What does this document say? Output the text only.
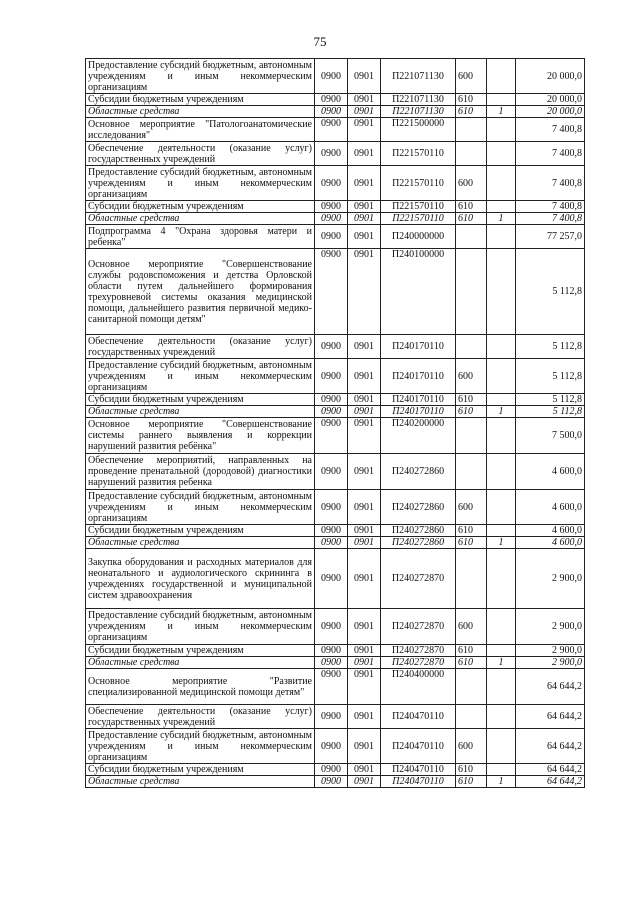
75
Предоставление субсидий бюджетным, автономным учреждениям и иным некоммерческим организациям	0900	0901	П221071130	600		20 000,0
Субсидии бюджетным учреждениям	0900	0901	П221071130	610		20 000,0
Областные средства	0900	0901	П221071130	610	1	20 000,0
Основное мероприятие "Патологоанатомические исследования"	0900	0901	П221500000			7 400,8
Обеспечение деятельности (оказание услуг) государственных учреждений	0900	0901	П221570110			7 400,8
Предоставление субсидий бюджетным, автономным учреждениям и иным некоммерческим организациям	0900	0901	П221570110	600		7 400,8
Субсидии бюджетным учреждениям	0900	0901	П221570110	610		7 400,8
Областные средства	0900	0901	П221570110	610	1	7 400,8
Подпрограмма 4 "Охрана здоровья матери и ребенка"	0900	0901	П240000000			77 257,0
Основное мероприятие "Совершенствование службы родовспоможения и детства Орловской области путем дальнейшего формирования трехуровневой системы оказания медицинской помощи, дальнейшего развития первичной медико-санитарной помощи детям"	0900	0901	П240100000			5 112,8
Обеспечение деятельности (оказание услуг) государственных учреждений	0900	0901	П240170110			5 112,8
Предоставление субсидий бюджетным, автономным учреждениям и иным некоммерческим организациям	0900	0901	П240170110	600		5 112,8
Субсидии бюджетным учреждениям	0900	0901	П240170110	610		5 112,8
Областные средства	0900	0901	П240170110	610	1	5 112,8
Основное мероприятие "Совершенствование системы раннего выявления и коррекции нарушений развития ребёнка"	0900	0901	П240200000			7 500,0
Обеспечение мероприятий, направленных на проведение пренатальной (дородовой) диагностики нарушений развития ребенка	0900	0901	П240272860			4 600,0
Предоставление субсидий бюджетным, автономным учреждениям и иным некоммерческим организациям	0900	0901	П240272860	600		4 600,0
Субсидии бюджетным учреждениям	0900	0901	П240272860	610		4 600,0
Областные средства	0900	0901	П240272860	610	1	4 600,0
Закупка оборудования и расходных материалов для неонатального и аудиологического скрининга в учреждениях государственной и муниципальной систем здравоохранения	0900	0901	П240272870			2 900,0
Предоставление субсидий бюджетным, автономным учреждениям и иным некоммерческим организациям	0900	0901	П240272870	600		2 900,0
Субсидии бюджетным учреждениям	0900	0901	П240272870	610		2 900,0
Областные средства	0900	0901	П240272870	610	1	2 900,0
Основное мероприятие "Развитие специализированной медицинской помощи детям"	0900	0901	П240400000			64 644,2
Обеспечение деятельности (оказание услуг) государственных учреждений	0900	0901	П240470110			64 644,2
Предоставление субсидий бюджетным, автономным учреждениям и иным некоммерческим организациям	0900	0901	П240470110	600		64 644,2
Субсидии бюджетным учреждениям	0900	0901	П240470110	610		64 644,2
Областные средства	0900	0901	П240470110	610	1	64 644,2
